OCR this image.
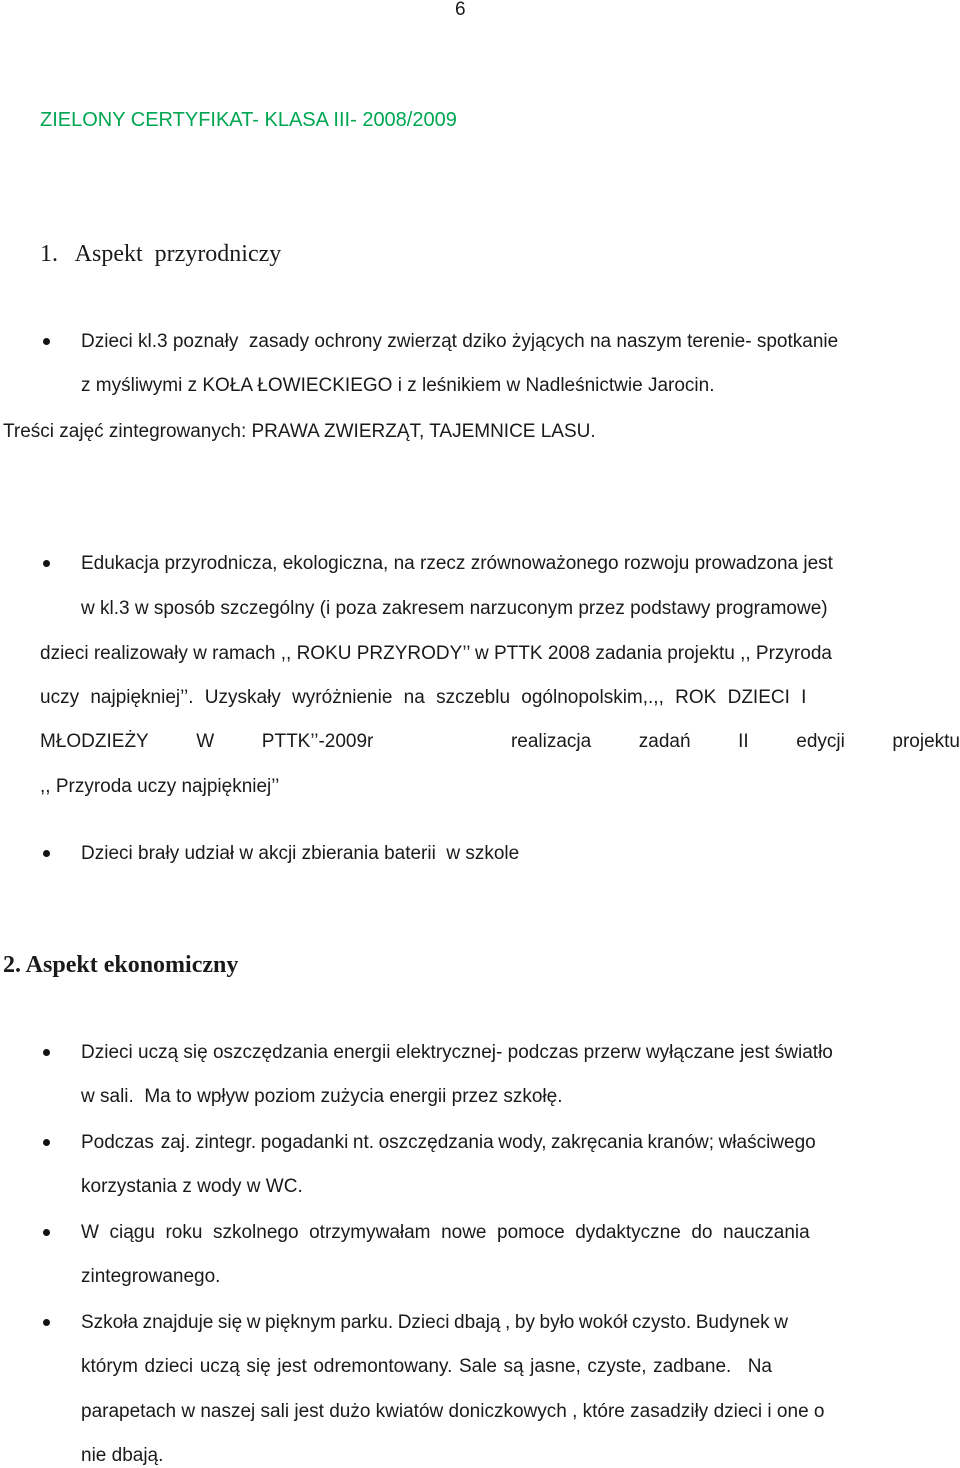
6
ZIELONY CERTYFIKAT- KLASA III- 2008/2009
1.   Aspekt  przyrodniczy
Dzieci kl.3 poznały  zasady ochrony zwierząt dziko żyjących na naszym terenie- spotkanie
z myśliwymi z KOŁA ŁOWIECKIEGO i z leśnikiem w Nadleśnictwie Jarocin.
Treści zajęć zintegrowanych: PRAWA ZWIERZĄT, TAJEMNICE LASU.
Edukacja przyrodnicza, ekologiczna, na rzecz zrównoważonego rozwoju prowadzona jest
w kl.3 w sposób szczególny (i poza zakresem narzuconym przez podstawy programowe)
dzieci realizowały w ramach ,, ROKU PRZYRODY’’ w PTTK 2008 zadania projektu ,, Przyroda
uczy najpiękniej’’. Uzyskały wyróżnienie na szczeblu ogólnopolskim,.,, ROK DZIECI I
MŁODZIEŻY	W	PTTK’’-2009r	realizacja	zadań	II	edycji	projektu
,, Przyroda uczy najpiękniej’’
Dzieci brały udział w akcji zbierania baterii  w szkole
2. Aspekt ekonomiczny
Dzieci uczą się oszczędzania energii elektrycznej- podczas przerw wyłączane jest światło
w sali.  Ma to wpływ poziom zużycia energii przez szkołę.
Podczas   zaj.  zintegr.  pogadanki  nt.  oszczędzania  wody,  zakręcania  kranów;  właściwego
korzystania z wody w WC.
W  ciągu  roku  szkolnego  otrzymywałam  nowe  pomoce  dydaktyczne  do  nauczania
zintegrowanego.
Szkoła  znajduje  się  w  pięknym  parku.  Dzieci  dbają  ,  by  było  wokół  czysto.  Budynek  w
którym  dzieci  uczą  się  jest  odremontowany.  Sale  są  jasne,  czyste,  zadbane.     Na
parapetach w naszej sali jest dużo kwiatów doniczkowych , które zasadziły dzieci i one o
nie dbają.
